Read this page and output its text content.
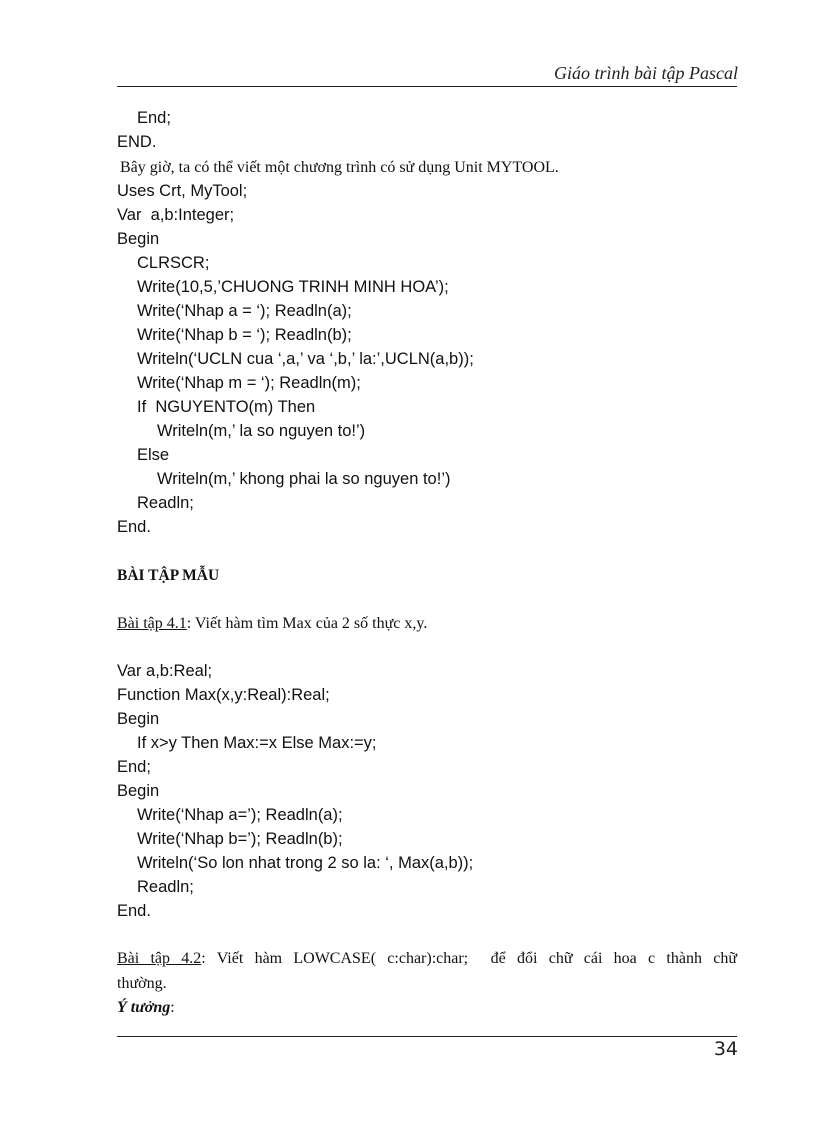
Giáo trình bài tập Pascal
End;
END.
Bây giờ, ta có thể viết một chương trình có sử dụng Unit MYTOOL.
Uses Crt, MyTool;
Var  a,b:Integer;
Begin
CLRSCR;
Write(10,5,’CHUONG TRINH MINH HOA’);
Write(‘Nhap a = ‘); Readln(a);
Write(‘Nhap b = ‘); Readln(b);
Writeln(‘UCLN cua ‘,a,’ va ‘,b,’ la:’,UCLN(a,b));
Write(‘Nhap m = ‘); Readln(m);
If  NGUYENTO(m) Then
Writeln(m,’ la so nguyen to!’)
Else
Writeln(m,’ khong phai la so nguyen to!’)
Readln;
End.
BÀI TẬP MẪU
Bài tập 4.1: Viết hàm tìm Max của 2 số thực x,y.
Var a,b:Real;
Function Max(x,y:Real):Real;
Begin
If x>y Then Max:=x Else Max:=y;
End;
Begin
Write(‘Nhap a=’); Readln(a);
Write(‘Nhap b=’); Readln(b);
Writeln(‘So lon nhat trong 2 so la: ‘, Max(a,b));
Readln;
End.
Bài tập 4.2: Viết hàm LOWCASE( c:char):char;  để đổi chữ cái hoa c thành chữ
thường.
Ý tưởng:
34
